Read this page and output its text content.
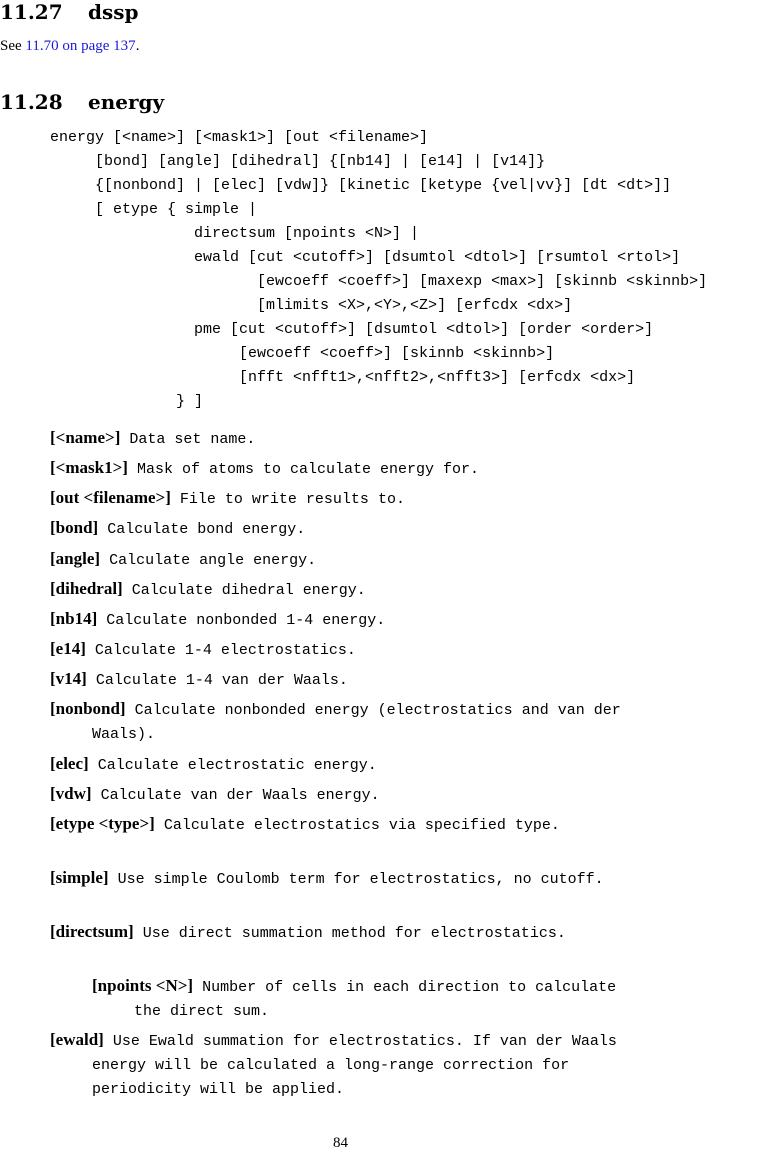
11.27 dssp
See 11.70 on page 137.
11.28 energy
energy [<name>] [<mask1>] [out <filename>]
[bond] [angle] [dihedral] {[nb14] | [e14] | [v14]}
{[nonbond] | [elec] [vdw]} [kinetic [ketype {vel|vv}] [dt <dt>]]
[ etype { simple |
directsum [npoints <N>] |
ewald [cut <cutoff>] [dsumtol <dtol>] [rsumtol <rtol>]
[ewcoeff <coeff>] [maxexp <max>] [skinnb <skinnb>]
[mlimits <X>,<Y>,<Z>] [erfcdx <dx>]
pme [cut <cutoff>] [dsumtol <dtol>] [order <order>]
[ewcoeff <coeff>] [skinnb <skinnb>]
[nfft <nfft1>,<nfft2>,<nfft3>] [erfcdx <dx>]
} ]
[<name>] Data set name.
[<mask1>] Mask of atoms to calculate energy for.
[out <filename>] File to write results to.
[bond] Calculate bond energy.
[angle] Calculate angle energy.
[dihedral] Calculate dihedral energy.
[nb14] Calculate nonbonded 1-4 energy.
[e14] Calculate 1-4 electrostatics.
[v14] Calculate 1-4 van der Waals.
[nonbond] Calculate nonbonded energy (electrostatics and van der Waals).
[elec] Calculate electrostatic energy.
[vdw] Calculate van der Waals energy.
[etype <type>] Calculate electrostatics via specified type.
[simple] Use simple Coulomb term for electrostatics, no cutoff.
[directsum] Use direct summation method for electrostatics.
[npoints <N>] Number of cells in each direction to calculate the direct sum.
[ewald] Use Ewald summation for electrostatics. If van der Waals energy will be calculated a long-range correction for periodicity will be applied.
84
